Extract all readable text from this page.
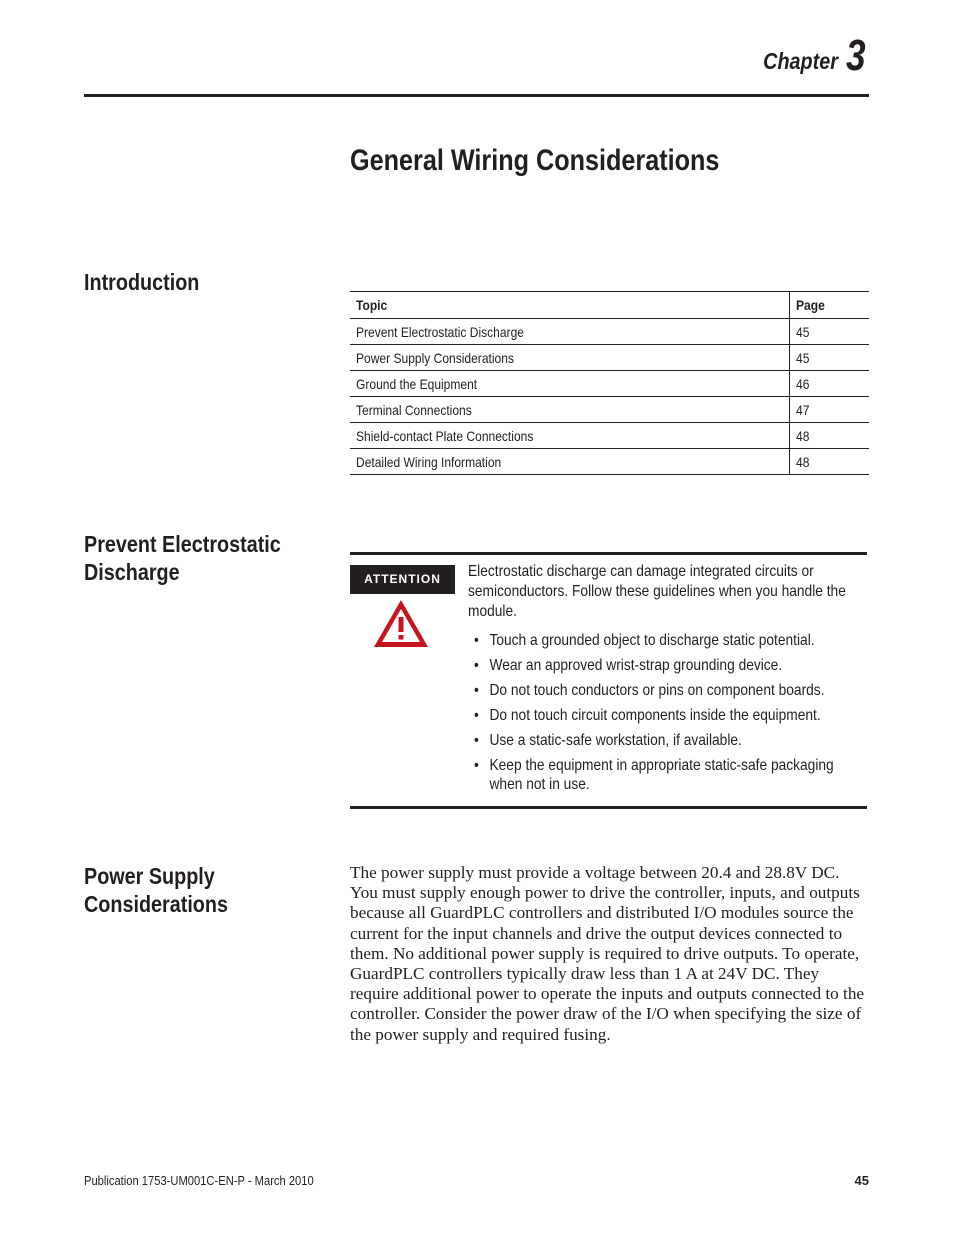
Chapter 3
General Wiring Considerations
Introduction
Topic	Page
Prevent Electrostatic Discharge	45
Power Supply Considerations	45
Ground the Equipment	46
Terminal Connections	47
Shield-contact Plate Connections	48
Detailed Wiring Information	48
Prevent Electrostatic Discharge	ATTENTION	Electrostatic discharge can damage integrated circuits or semiconductors. Follow these guidelines when you handle the module.
• Touch a grounded object to discharge static potential.
• Wear an approved wrist-strap grounding device.
• Do not touch conductors or pins on component boards.
• Do not touch circuit components inside the equipment.
• Use a static-safe workstation, if available.
• Keep the equipment in appropriate static-safe packaging when not in use.
Power Supply Considerations
The power supply must provide a voltage between 20.4 and 28.8V DC. You must supply enough power to drive the controller, inputs, and outputs because all GuardPLC controllers and distributed I/O modules source the current for the input channels and drive the output devices connected to them. No additional power supply is required to drive outputs. To operate, GuardPLC controllers typically draw less than 1 A at 24V DC. They require additional power to operate the inputs and outputs connected to the controller. Consider the power draw of the I/O when specifying the size of the power supply and required fusing.
Publication 1753-UM001C-EN-P - March 2010	45
